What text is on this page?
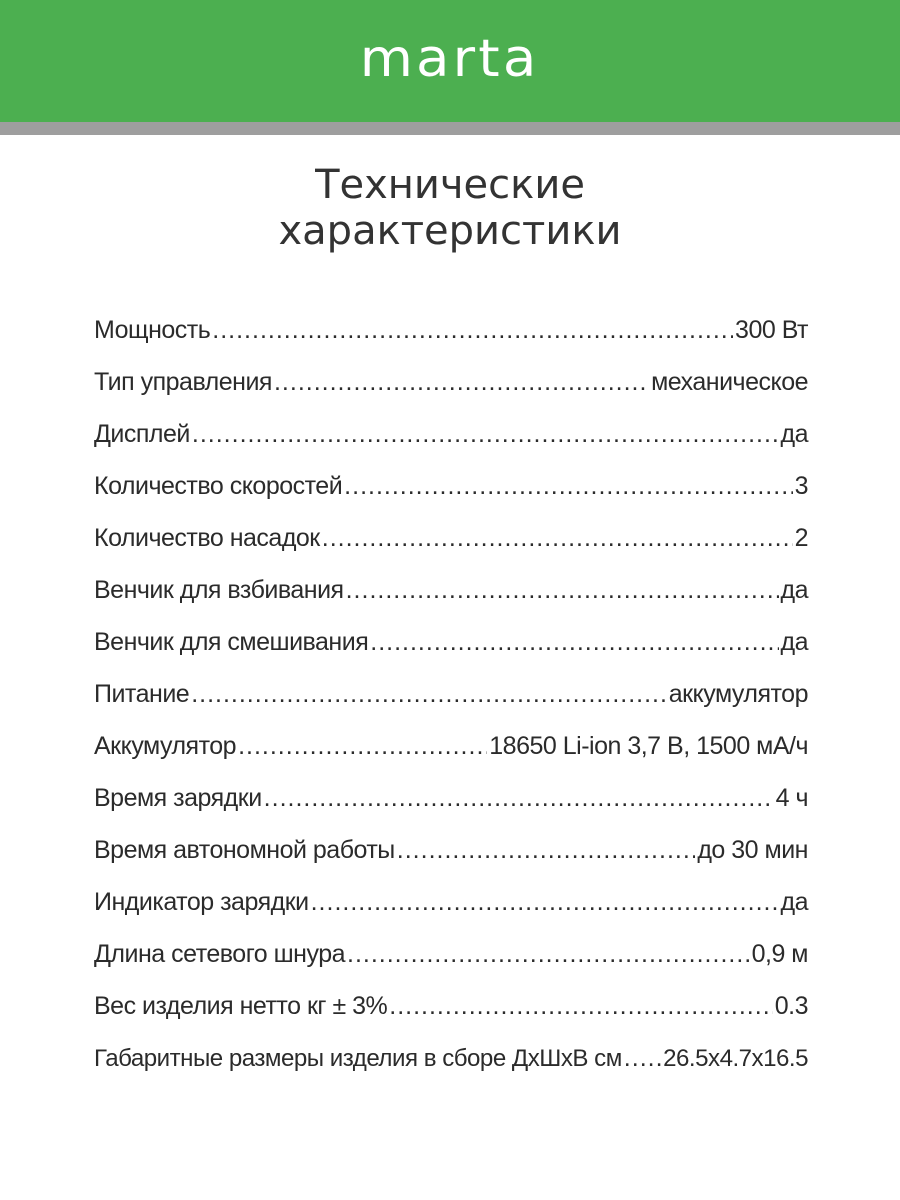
marta
Технические
характеристики
Мощность .....	300 Вт
Тип управления .....	механическое
Дисплей .....	да
Количество скоростей .....	3
Количество насадок .....	2
Венчик для взбивания .....	да
Венчик для смешивания .....	да
Питание .....	аккумулятор
Аккумулятор .....	18650 Li-ion 3,7 В, 1500 мА/ч
Время зарядки .....	4 ч
Время автономной работы .....	до 30 мин
Индикатор зарядки .....	да
Длина сетевого шнура .....	0,9 м
Вес изделия нетто кг ± 3% .....	0.3
Габаритные размеры изделия в сборе ДхШхВ см ..... 26.5x4.7x16.5
